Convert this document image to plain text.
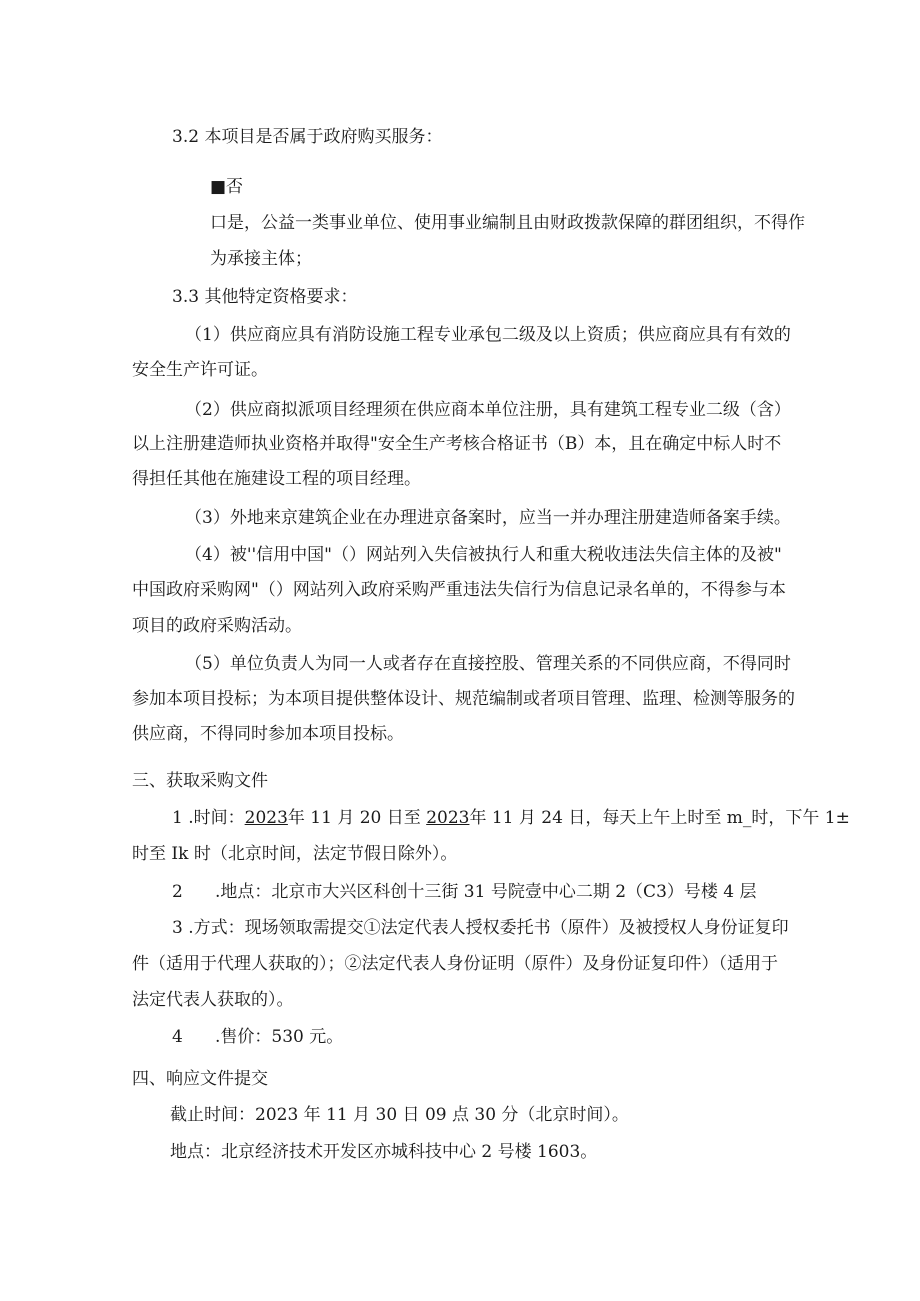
3.2 本项目是否属于政府购买服务：
■否
口是，公益一类事业单位、使用事业编制且由财政拨款保障的群团组织，不得作
为承接主体；
3.3 其他特定资格要求：
（1）供应商应具有消防设施工程专业承包二级及以上资质；供应商应具有有效的
安全生产许可证。
（2）供应商拟派项目经理须在供应商本单位注册，具有建筑工程专业二级（含）
以上注册建造师执业资格并取得"安全生产考核合格证书（B）本，且在确定中标人时不
得担任其他在施建设工程的项目经理。
（3）外地来京建筑企业在办理进京备案时，应当一并办理注册建造师备案手续。
（4）被''信用中国"（）网站列入失信被执行人和重大税收违法失信主体的及被"
中国政府采购网"（）网站列入政府采购严重违法失信行为信息记录名单的，不得参与本
项目的政府采购活动。
（5）单位负责人为同一人或者存在直接控股、管理关系的不同供应商，不得同时
参加本项目投标；为本项目提供整体设计、规范编制或者项目管理、监理、检测等服务的
供应商，不得同时参加本项目投标。
三、获取采购文件
1 .时间：2023年 11 月 20 日至 2023年 11 月 24 日，每天上午上时至 m_时，下午 1±
时至 Ik 时（北京时间，法定节假日除外）。
2 .地点：北京市大兴区科创十三街 31 号院壹中心二期 2（C3）号楼 4 层
3 .方式：现场领取需提交①法定代表人授权委托书（原件）及被授权人身份证复印
件（适用于代理人获取的）；②法定代表人身份证明（原件）及身份证复印件）（适用于
法定代表人获取的）。
4 .售价：530 元。
四、响应文件提交
截止时间：2023 年 11 月 30 日 09 点 30 分（北京时间）。
地点：北京经济技术开发区亦城科技中心 2 号楼 1603。
